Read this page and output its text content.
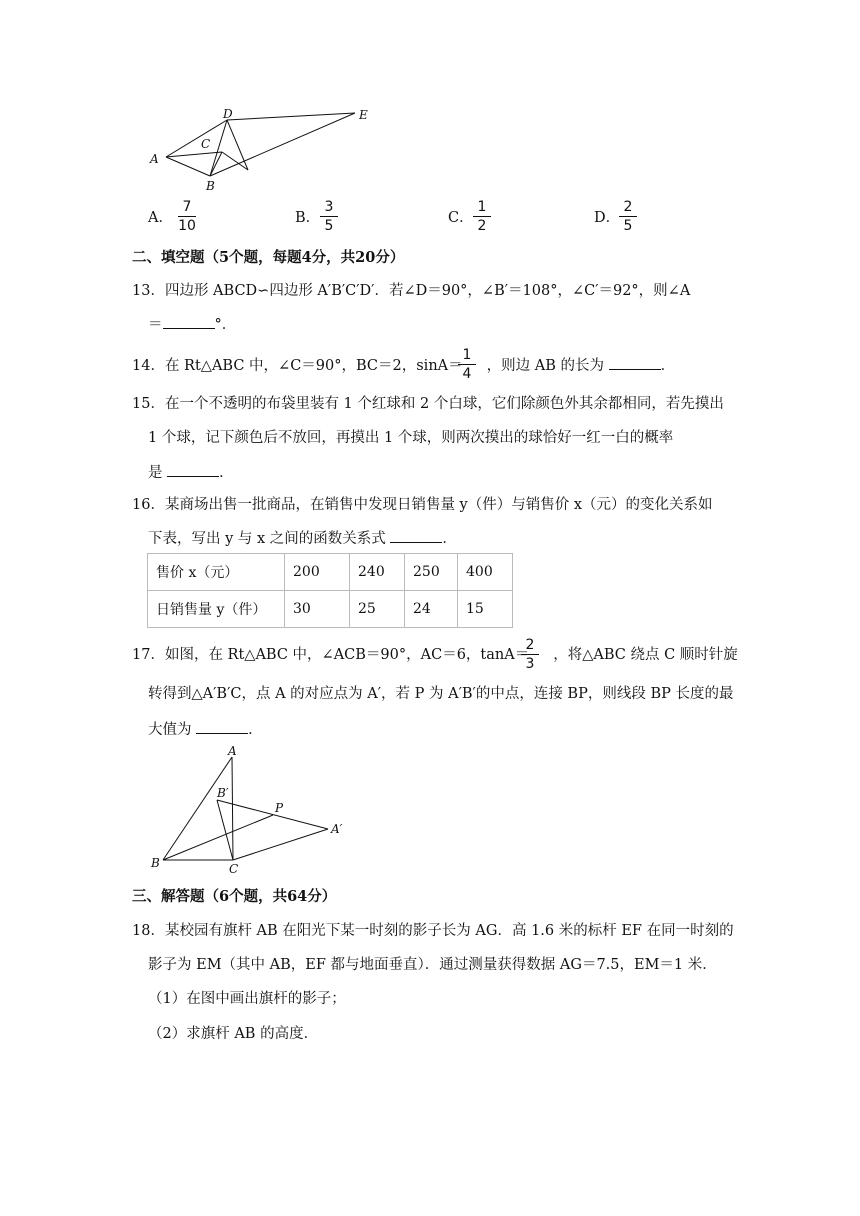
A
B
C
D	E
A．
7
10	B．
3
5	C．
1
2	D．
2
5
二、填空题（5个题，每题4分，共20分）
13．四边形 ABCD∽四边形 A′B′C′D′．若∠D＝90°，∠B′＝108°，∠C′＝92°，则∠A
＝	°．
14．在 Rt△ABC 中，∠C＝90°，BC＝2，sinA＝ ，则边 AB 的长为	．
1
4
15．在一个不透明的布袋里装有 1 个红球和 2 个白球，它们除颜色外其余都相同，若先摸出
1 个球，记下颜色后不放回，再摸出 1 个球，则两次摸出的球恰好一红一白的概率
是	．
16．某商场出售一批商品，在销售中发现日销售量 y（件）与销售价 x（元）的变化关系如
下表，写出 y 与 x 之间的函数关系式	．
售价 x（元）	200	240	250	400
日销售量 y（件）	30	25	24	15
17．如图，在 Rt△ABC 中，∠ACB＝90°，AC＝6，tanA＝ ，将△ABC 绕点 C 顺时针旋
2
3
转得到△A′B′C，点 A 的对应点为 A′，若 P 为 A′B′的中点，连接 BP，则线段 BP 长度的最
大值为	．
A
B′
P
A′
B	C
三、解答题（6个题，共64分）
18．某校园有旗杆 AB 在阳光下某一时刻的影子长为 AG．高 1.6 米的标杆 EF 在同一时刻的
影子为 EM（其中 AB，EF 都与地面垂直）．通过测量获得数据 AG＝7.5，EM＝1 米．
（1）在图中画出旗杆的影子；
（2）求旗杆 AB 的高度．
